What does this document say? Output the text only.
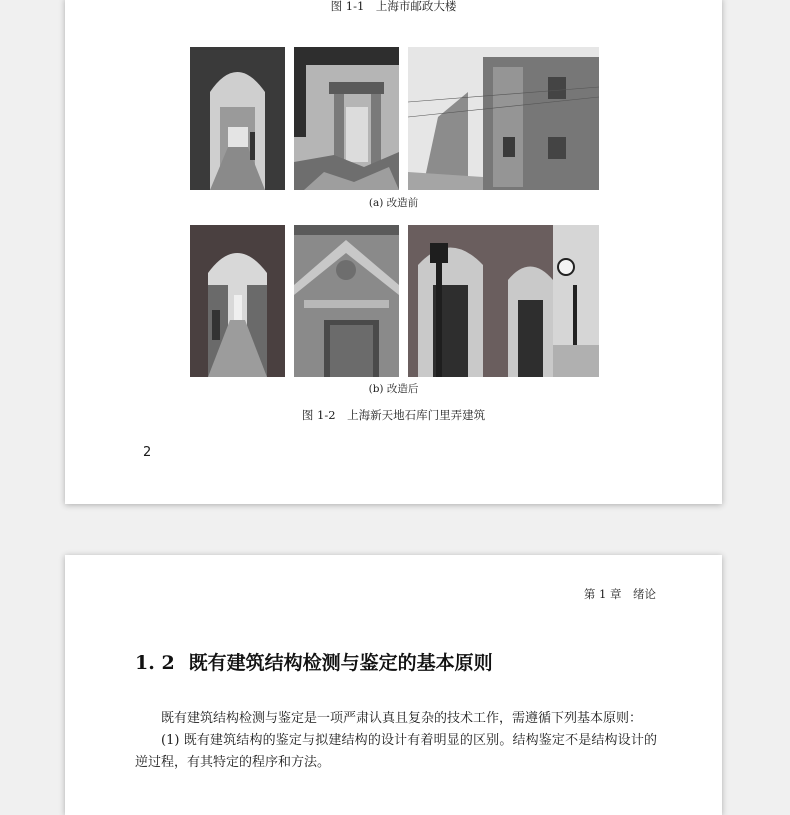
图 1-1　上海市邮政大楼
(a) 改造前
(b) 改造后
图 1-2　上海新天地石库门里弄建筑
2
第 1 章　绪论
1. 2 既有建筑结构检测与鉴定的基本原则

既有建筑结构检测与鉴定是一项严肃认真且复杂的技术工作，需遵循下列基本原则：

(1) 既有建筑结构的鉴定与拟建结构的设计有着明显的区别。结构鉴定不是结构设计的逆过程，有其特定的程序和方法。
